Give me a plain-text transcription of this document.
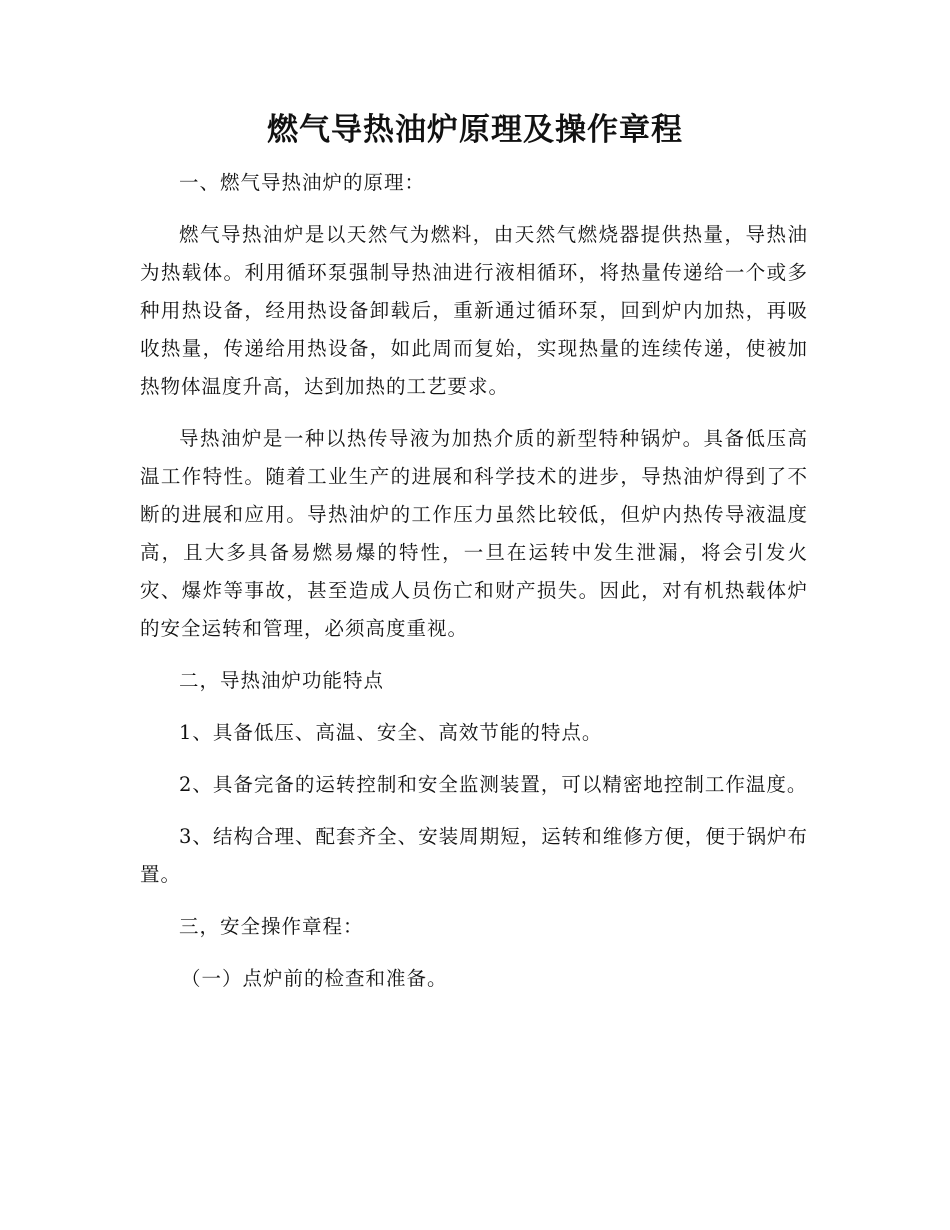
燃气导热油炉原理及操作章程

一、燃气导热油炉的原理：

燃气导热油炉是以天然气为燃料，由天然气燃烧器提供热量，导热油为热载体。利用循环泵强制导热油进行液相循环，将热量传递给一个或多种用热设备，经用热设备卸载后，重新通过循环泵，回到炉内加热，再吸收热量，传递给用热设备，如此周而复始，实现热量的连续传递，使被加热物体温度升高，达到加热的工艺要求。

导热油炉是一种以热传导液为加热介质的新型特种锅炉。具备低压高温工作特性。随着工业生产的进展和科学技术的进步，导热油炉得到了不断的进展和应用。导热油炉的工作压力虽然比较低，但炉内热传导液温度高，且大多具备易燃易爆的特性，一旦在运转中发生泄漏，将会引发火灾、爆炸等事故，甚至造成人员伤亡和财产损失。因此，对有机热载体炉的安全运转和管理，必须高度重视。

二，导热油炉功能特点

1、具备低压、高温、安全、高效节能的特点。

2、具备完备的运转控制和安全监测装置，可以精密地控制工作温度。

3、结构合理、配套齐全、安装周期短，运转和维修方便，便于锅炉布置。

三，安全操作章程：

（一）点炉前的检查和准备。
